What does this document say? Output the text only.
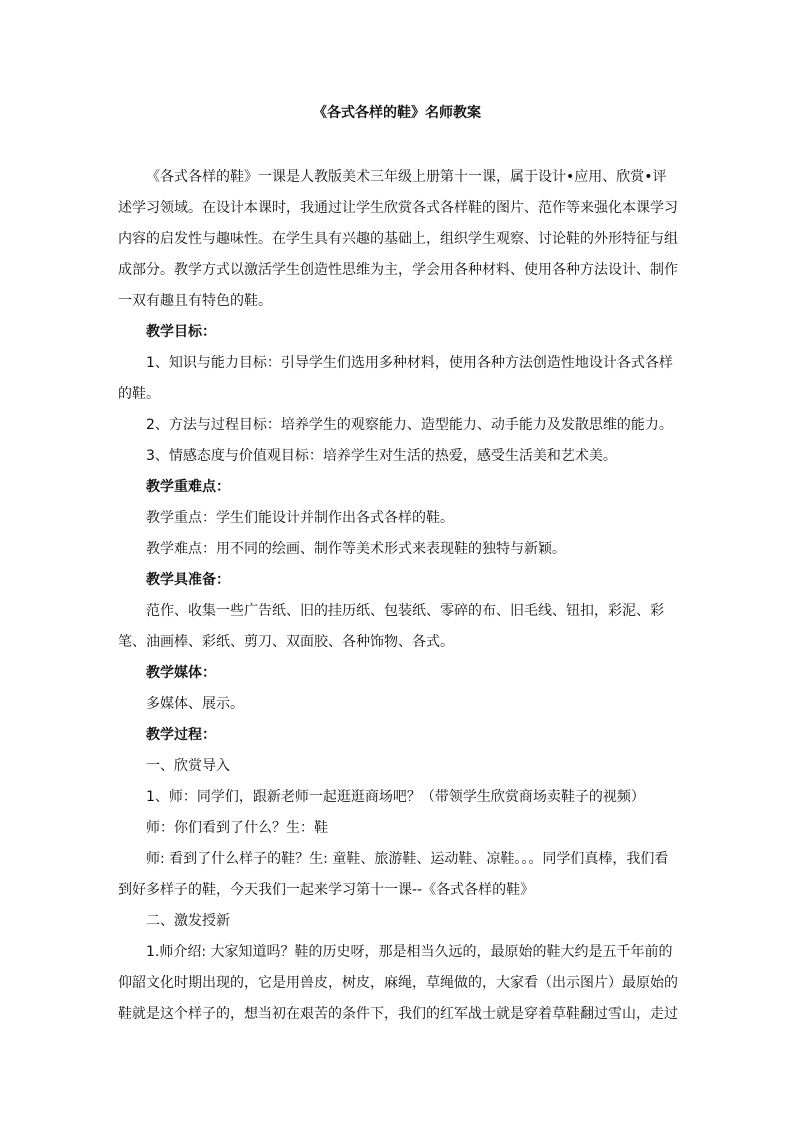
《各式各样的鞋》名师教案

《各式各样的鞋》一课是人教版美术三年级上册第十一课，属于设计•应用、欣赏•评述学习领域。在设计本课时，我通过让学生欣赏各式各样鞋的图片、范作等来强化本课学习内容的启发性与趣味性。在学生具有兴趣的基础上，组织学生观察、讨论鞋的外形特征与组成部分。教学方式以激活学生创造性思维为主，学会用各种材料、使用各种方法设计、制作一双有趣且有特色的鞋。

教学目标：

1、知识与能力目标：引导学生们选用多种材料，使用各种方法创造性地设计各式各样的鞋。

2、方法与过程目标：培养学生的观察能力、造型能力、动手能力及发散思维的能力。

3、情感态度与价值观目标：培养学生对生活的热爱，感受生活美和艺术美。

教学重难点：

教学重点：学生们能设计并制作出各式各样的鞋。

教学难点：用不同的绘画、制作等美术形式来表现鞋的独特与新颖。

教学具准备：

范作、收集一些广告纸、旧的挂历纸、包装纸、零碎的布、旧毛线、钮扣，彩泥、彩笔、油画棒、彩纸、剪刀、双面胶、各种饰物、各式。

教学媒体：

多媒体、展示。

教学过程：

一、欣赏导入

1、师：同学们，跟新老师一起逛逛商场吧？（带领学生欣赏商场卖鞋子的视频）

师：你们看到了什么？生：鞋

师: 看到了什么样子的鞋？生: 童鞋、旅游鞋、运动鞋、凉鞋。。。同学们真棒，我们看到好多样子的鞋，今天我们一起来学习第十一课--《各式各样的鞋》

二、激发授新

1.师介绍: 大家知道吗？鞋的历史呀，那是相当久远的，最原始的鞋大约是五千年前的仰韶文化时期出现的，它是用兽皮，树皮，麻绳，草绳做的，大家看（出示图片）最原始的鞋就是这个样子的，想当初在艰苦的条件下，我们的红军战士就是穿着草鞋翻过雪山，走过
